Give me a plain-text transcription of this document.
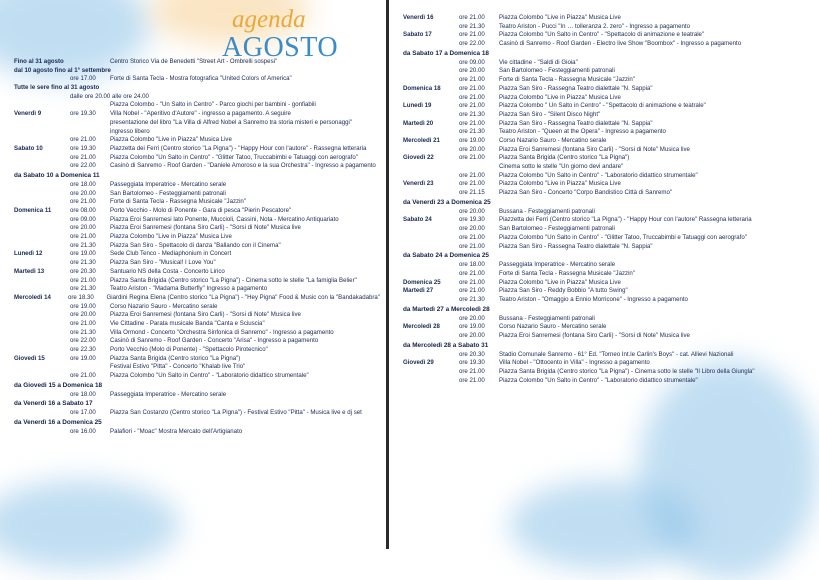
agenda
AGOSTO
Fino al 31 agosto	Centro Storico Via de Benedetti "Street Art - Ombrelli sospesi"
dal 10 agosto fino al 1° settembre
ore 17.00	Forte di Santa Tecla - Mostra fotografica "United Colors of America"
Tutte le sere fino al 31 agosto
dalle ore 20.00 alle ore 24.00
Piazza Colombo - "Un Salto in Centro" - Parco giochi per bambini - gonfiabili
Venerdì 9	ore 19.30	Villa Nobel - "Aperitivo d'Autore" - ingresso a pagamento. A seguire
presentazione del libro "La Villa di Alfred Nobel a Sanremo tra storia misteri e personaggi"
ingresso libero
ore 21.00	Piazza Colombo "Live in Piazza" Musica Live
Sabato 10	ore 19.30	Piazzetta dei Ferri (Centro storico "La Pigna") - "Happy Hour con l'autore" - Rassegna letteraria
ore 21.00	Piazza Colombo "Un Salto in Centro" - "Glitter Tatoo, Truccabimbi e Tatuaggi con aerografo"
ore 22.00	Casinò di Sanremo - Roof Garden - "Daniele Amoroso e la sua Orchestra" - Ingresso a pagamento
da Sabato 10 a Domenica 11
ore 18.00	Passeggiata Imperatrice - Mercatino serale
ore 20.00	San Bartolomeo - Festeggiamenti patronali
ore 21.00	Forte di Santa Tecla - Rassegna Musicale "Jazzin"
Domenica 11	ore 08.00	Porto Vecchio - Molo di Ponente - Gara di pesca "Pierin Pescatore"
ore 09.00	Piazza Eroi Sanremesi lato Ponente, Muccioli, Cassini, Nota - Mercatino Antiquariato
ore 20.00	Piazza Eroi Sanremesi (fontana Siro Carli) - "Sorsi di Note" Musica live
ore 21.00	Piazza Colombo "Live in Piazza" Musica Live
ore 21.30	Piazza San Siro - Spettacolo di danza "Ballando con il Cinema"
Lunedì 12	ore 19.00	Sede Club Tenco - Mediaphonium in Concert
ore 21.30	Piazza San Siro - "Musical! I Love You"
Martedì 13	ore 20.30	Santuario NS della Costa - Concerto Lirico
ore 21.00	Piazza Santa Brigida (Centro storico "La Pigna") - Cinema sotto le stelle "La famiglia Belier"
ore 21.30	Teatro Ariston - "Madama Butterfly" Ingresso a pagamento
Mercoledì 14	ore 18.30	Giardini Regina Elena (Centro storico "La Pigna") - "Hey Pigna" Food & Music con la "Bandakadabra"
ore 19.00	Corso Nazario Sauro - Mercatino serale
ore 20.00	Piazza Eroi Sanremesi (fontana Siro Carli) - "Sorsi di Note" Musica live
ore 21.00	Vie Cittadine - Parata musicale Banda "Canta e Sciuscia"
ore 21.30	Villa Ormond - Concerto "Orchestra Sinfonica di Sanremo" - Ingresso a pagamento
ore 22.00	Casinò di Sanremo - Roof Garden - Concerto "Arisa" - Ingresso a pagamento
ore 22.30	Porto Vecchio (Molo di Ponente) - "Spettacolo Pirotecnico"
Giovedì 15	ore 19.00	Piazza Santa Brigida (Centro storico "La Pigna")
Festival Estivo "Pitta" - Concerto "Khalab live Trio"
ore 21.00	Piazza Colombo "Un Salto in Centro" - "Laboratorio didattico strumentale"
da Giovedì 15 a Domenica 18
ore 18.00	Passeggiata Imperatrice - Mercatino serale
da Venerdì 16 a Sabato 17
ore 17.00	Piazza San Costanzo (Centro storico "La Pigna") - Festival Estivo "Pitta" - Musica live e dj set
da Venerdì 16 a Domenica 25
ore 16.00	Palafiori - "Moac" Mostra Mercato dell'Artigianato
Venerdì 16	ore 21.00	Piazza Colombo "Live in Piazza" Musica Live
ore 21.30	Teatro Ariston - Pucci "In … tolleranza 2. zero" - Ingresso a pagamento
Sabato 17	ore 21.00	Piazza Colombo "Un Salto in Centro" - "Spettacolo di animazione e teatrale"
ore 22.00	Casinò di Sanremo - Roof Garden - Electro live Show "Boombox" - Ingresso a pagamento
da Sabato 17 a Domenica 18
ore 09.00	Vie cittadine - "Saldi di Gioia"
ore 20.00	San Bartolomeo - Festeggiamenti patronali
ore 21.00	Forte di Santa Tecla - Rassegna Musicale "Jazzin"
Domenica 18	ore 21.00	Piazza San Siro - Rassegna Teatro dialettale "N. Sappia"
ore 21.00	Piazza Colombo "Live in Piazza" Musica Live
Lunedì 19	ore 21.00	Piazza Colombo " Un Salto in Centro" - "Spettacolo di animazione e teatrale"
ore 21.30	Piazza San Siro - "Silent Disco Night"
Martedì 20	ore 21.00	Piazza San Siro - Rassegna Teatro dialettale "N. Sappia"
ore 21.30	Teatro Ariston - "Queen at the Opera" - Ingresso a pagamento
Mercoledì 21	ore 19.00	Corso Nazario Sauro - Mercatino serale
ore 20.00	Piazza Eroi Sanremesi (fontana Siro Carli) - "Sorsi di Note" Musica live
Giovedì 22	ore 21.00	Piazza Santa Brigida (Centro storico "La Pigna")
Cinema sotto le stelle "Un giorno devi andare"
ore 21.00	Piazza Colombo "Un Salto in Centro" - "Laboratorio didattico strumentale"
Venerdì 23	ore 21.00	Piazza Colombo "Live in Piazza" Musica Live
ore 21.15	Piazza San Siro - Concerto "Corpo Bandistico Città di Sanremo"
da Venerdì 23 a Domenica 25
ore 20.00	Bussana - Festeggiamenti patronali
Sabato 24	ore 19.30	Piazzetta dei Ferri (Centro storico "La Pigna") - "Happy Hour con l'autore" Rassegna letteraria
ore 20.00	San Bartolomeo - Festeggiamenti patronali
ore 21.00	Piazza Colombo "Un Salto in Centro" - "Glitter Tatoo, Truccabimbi e Tatuaggi con aerografo"
ore 21.00	Piazza San Siro - Rassegna Teatro dialettale "N. Sappia"
da Sabato 24 a Domenica 25
ore 18.00	Passeggiata Imperatrice - Mercatino serale
ore 21.00	Forte di Santa Tecla - Rassegna Musicale "Jazzin"
Domenica 25	ore 21.00	Piazza Colombo "Live in Piazza" Musica Live
Martedì 27	ore 21.00	Piazza San Siro - Reddy Bobbio "A tutto Swing"
ore 21.30	Teatro Ariston - "Omaggio a Ennio Morricone" - Ingresso a pagamento
da Martedì 27 a Mercoledì 28
ore 20.00	Bussana - Festeggiamenti patronali
Mercoledì 28	ore 19.00	Corso Nazario Sauro - Mercatino serale
ore 20.00	Piazza Eroi Sanremesi (fontana Siro Carli) - "Sorsi di Note" Musica live
da Mercoledì 28 a Sabato 31
ore 20.30	Stadio Comunale Sanremo - 61° Ed. "Torneo Int.le Carlin's Boys" - cat. Allievi Nazionali
Giovedì 29	ore 19.30	Villa Nobel - "Ottocento in Villa" - Ingresso a pagamento
ore 21.00	Piazza Santa Brigida (Centro storico "La Pigna") - Cinema sotto le stelle "Il Libro della Giungla"
ore 21.00	Piazza Colombo "Un Salto in Centro" - "Laboratorio didattico strumentale"
